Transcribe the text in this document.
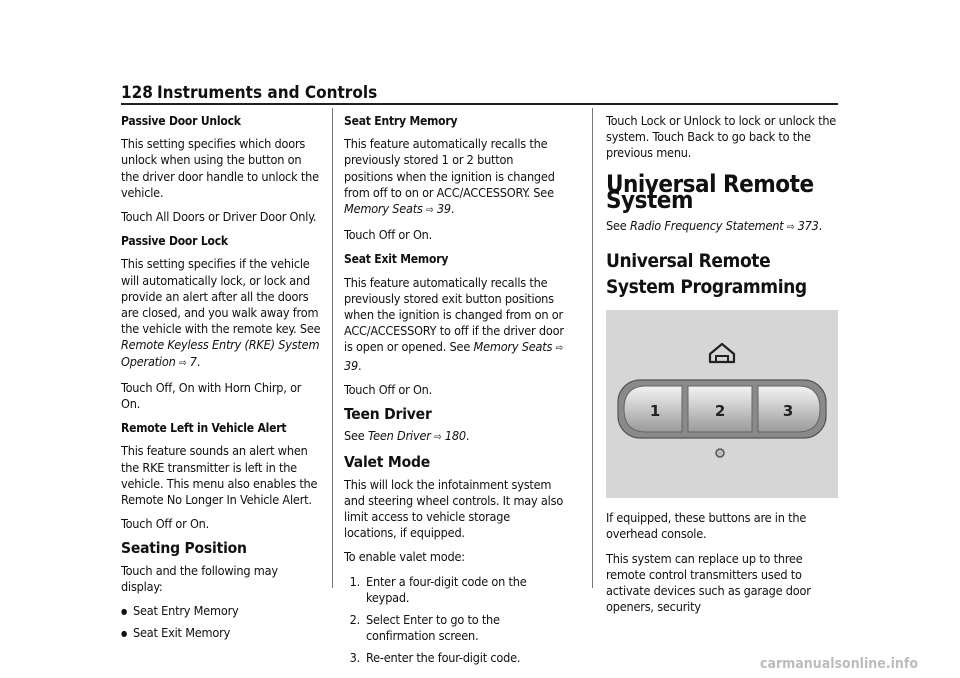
128 Instruments and Controls

Passive Door Unlock

This setting specifies which doors unlock when using the button on the driver door handle to unlock the vehicle.

Touch All Doors or Driver Door Only.

Passive Door Lock

This setting specifies if the vehicle will automatically lock, or lock and provide an alert after all the doors are closed, and you walk away from the vehicle with the remote key. See Remote Keyless Entry (RKE) System Operation ⇨ 7.

Touch Off, On with Horn Chirp, or On.

Remote Left in Vehicle Alert

This feature sounds an alert when the RKE transmitter is left in the vehicle. This menu also enables the Remote No Longer In Vehicle Alert.

Touch Off or On.

Seating Position

Touch and the following may display:

● Seat Entry Memory
● Seat Exit Memory

Seat Entry Memory

This feature automatically recalls the previously stored 1 or 2 button positions when the ignition is changed from off to on or ACC/ACCESSORY. See Memory Seats ⇨ 39.

Touch Off or On.

Seat Exit Memory

This feature automatically recalls the previously stored exit button positions when the ignition is changed from on or ACC/ACCESSORY to off if the driver door is open or opened. See Memory Seats ⇨ 39.

Touch Off or On.

Teen Driver

See Teen Driver ⇨ 180.

Valet Mode

This will lock the infotainment system and steering wheel controls. It may also limit access to vehicle storage locations, if equipped.

To enable valet mode:

1. Enter a four-digit code on the keypad.
2. Select Enter to go to the confirmation screen.
3. Re-enter the four-digit code.

Touch Lock or Unlock to lock or unlock the system. Touch Back to go back to the previous menu.

Universal Remote System

See Radio Frequency Statement ⇨ 373.

Universal Remote System Programming
1	2	3

If equipped, these buttons are in the overhead console.

This system can replace up to three remote control transmitters used to activate devices such as garage door openers, security

carmanualsonline.info
